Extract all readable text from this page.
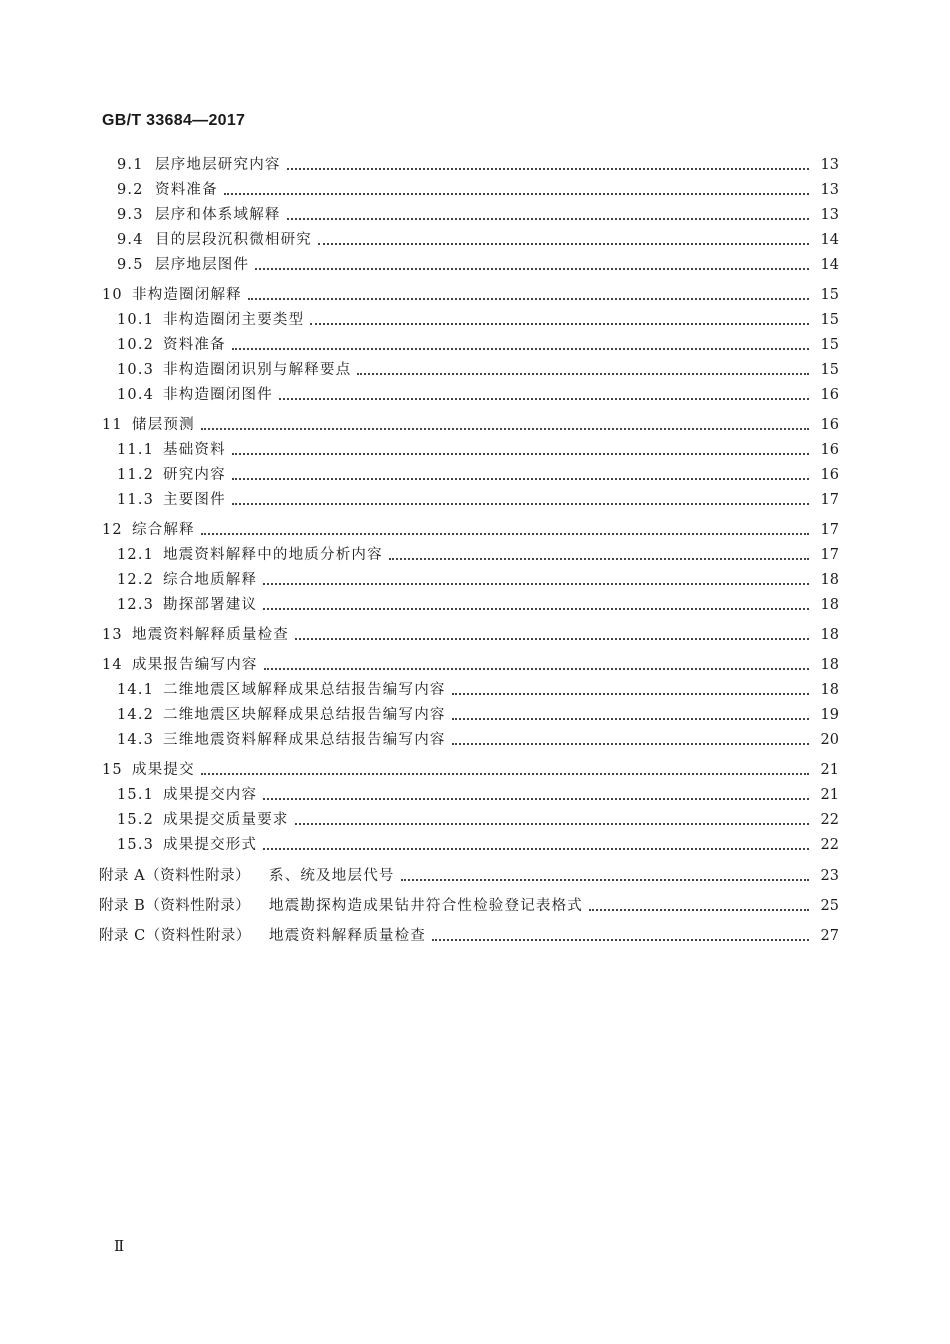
GB/T 33684—2017
9.1 层序地层研究内容	13
9.2 资料准备	13
9.3 层序和体系域解释	13
9.4 目的层段沉积微相研究	14
9.5 层序地层图件	14
10 非构造圈闭解释	15
10.1 非构造圈闭主要类型	15
10.2 资料准备	15
10.3 非构造圈闭识别与解释要点	15
10.4 非构造圈闭图件	16
11 储层预测	16
11.1 基础资料	16
11.2 研究内容	16
11.3 主要图件	17
12 综合解释	17
12.1 地震资料解释中的地质分析内容	17
12.2 综合地质解释	18
12.3 勘探部署建议	18
13 地震资料解释质量检查	18
14 成果报告编写内容	18
14.1 二维地震区域解释成果总结报告编写内容	18
14.2 二维地震区块解释成果总结报告编写内容	19
14.3 三维地震资料解释成果总结报告编写内容	20
15 成果提交	21
15.1 成果提交内容	21
15.2 成果提交质量要求	22
15.3 成果提交形式	22
附录 A（资料性附录）	系、统及地层代号	23
附录 B（资料性附录）	地震勘探构造成果钻井符合性检验登记表格式	25
附录 C（资料性附录）	地震资料解释质量检查	27
Ⅱ
